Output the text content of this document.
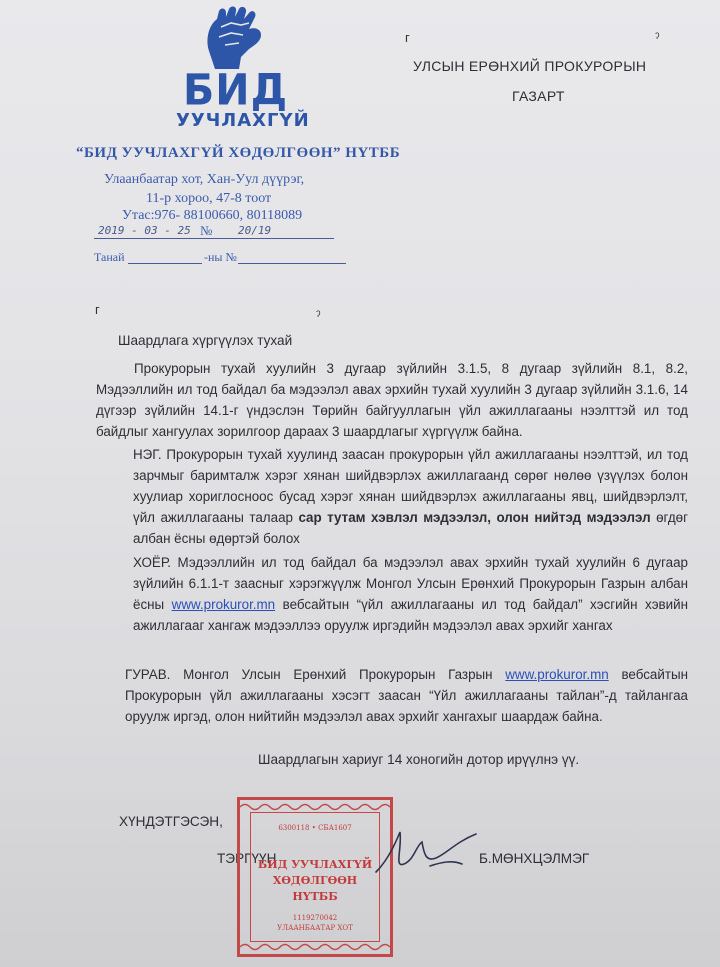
БИД
УУЧЛАХГҮЙ
“БИД УУЧЛАХГҮЙ ХӨДӨЛГӨӨН” НҮТББ
Улаанбаатар хот, Хан-Уул дүүрэг,
11-р хороо, 47-8 тоот
Утас:976- 88100660, 80118089
2019 - 03 - 25 № 20/19
Танай	-ны №
г	ˀ
УЛСЫН ЕРӨНХИЙ ПРОКУРОРЫН
ГАЗАРТ
г	ˀ
Шаардлага хүргүүлэх тухай
Прокурорын тухай хуулийн 3 дугаар зүйлийн 3.1.5, 8 дугаар зүйлийн 8.1, 8.2, Мэдээллийн ил тод байдал ба мэдээлэл авах эрхийн тухай хуулийн 3 дугаар зүйлийн 3.1.6, 14 дүгээр зүйлийн 14.1-г үндэслэн Төрийн байгууллагын үйл ажиллагааны нээлттэй ил тод байдлыг хангуулах зорилгоор дараах 3 шаардлагыг хүргүүлж байна.
НЭГ. Прокурорын тухай хуулинд заасан прокурорын үйл ажиллагааны нээлттэй, ил тод зарчмыг баримталж хэрэг хянан шийдвэрлэх ажиллагаанд сөрөг нөлөө үзүүлэх болон хуулиар хориглосноос бусад хэрэг хянан шийдвэрлэх ажиллагааны явц, шийдвэрлэлт, үйл ажиллагааны талаар сар тутам хэвлэл мэдээлэл, олон нийтэд мэдээлэл өгдөг албан ёсны өдөртэй болох
ХОЁР. Мэдээллийн ил тод байдал ба мэдээлэл авах эрхийн тухай хуулийн 6 дугаар зүйлийн 6.1.1-т заасныг хэрэгжүүлж Монгол Улсын Ерөнхий Прокурорын Газрын албан ёсны www.prokuror.mn вебсайтын “үйл ажиллагааны ил тод байдал” хэсгийн хэвийн ажиллагааг хангаж мэдээллээ оруулж иргэдийн мэдээлэл авах эрхийг хангах
ГУРАВ. Монгол Улсын Ерөнхий Прокурорын Газрын www.prokuror.mn вебсайтын Прокурорын үйл ажиллагааны хэсэгт заасан “Үйл ажиллагааны тайлан”-д тайлангаа оруулж иргэд, олон нийтийн мэдээлэл авах эрхийг хангахыг шаардаж байна.
Шаардлагын хариуг 14 хоногийн дотор ирүүлнэ үү.
ХҮНДЭТГЭСЭН,
ТЭРГҮҮН	Б.МӨНХЦЭЛМЭГ
6300118 • СБА1607
БИД УУЧЛАХГҮЙ
ХӨДӨЛГӨӨН
НҮТББ
1119270042
УЛААНБААТАР ХОТ
